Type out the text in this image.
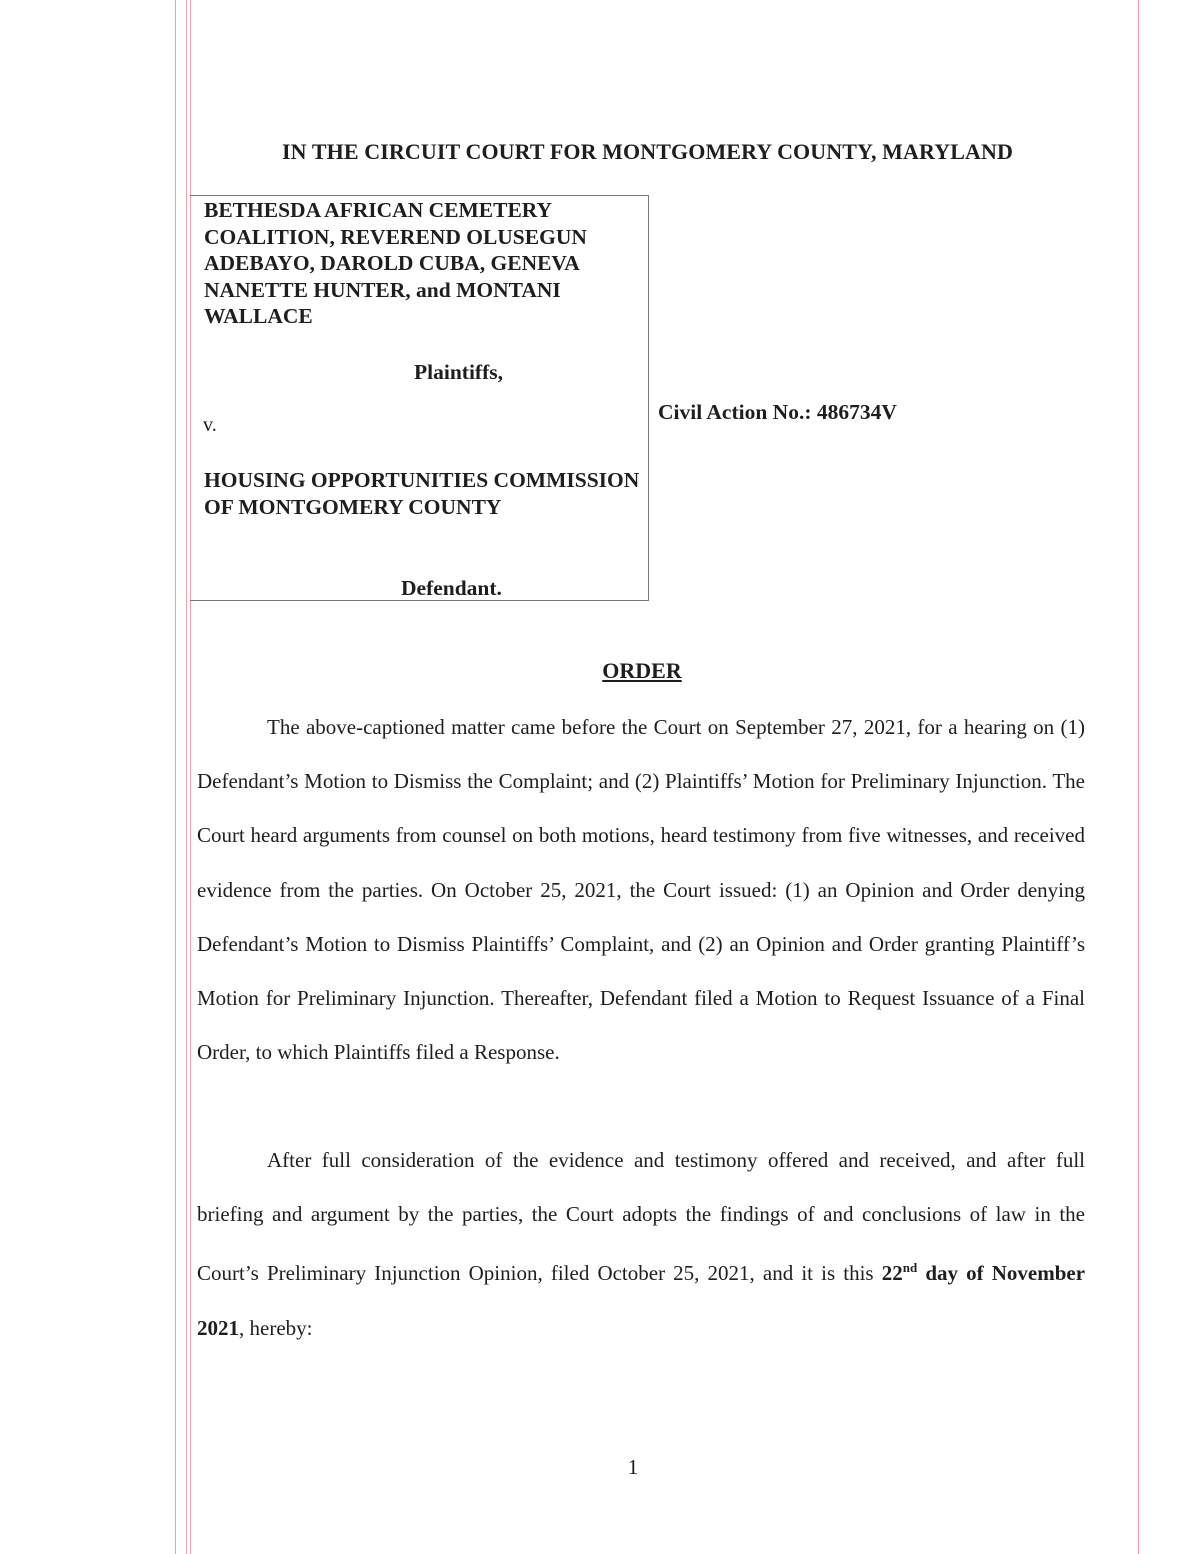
IN THE CIRCUIT COURT FOR MONTGOMERY COUNTY, MARYLAND

BETHESDA AFRICAN CEMETERY COALITION, REVEREND OLUSEGUN ADEBAYO, DAROLD CUBA, GENEVA NANETTE HUNTER, and MONTANI WALLACE

Plaintiffs,

v.

HOUSING OPPORTUNITIES COMMISSION OF MONTGOMERY COUNTY

Defendant.

Civil Action No.: 486734V

ORDER

The above-captioned matter came before the Court on September 27, 2021, for a hearing on (1) Defendant’s Motion to Dismiss the Complaint; and (2) Plaintiffs’ Motion for Preliminary Injunction. The Court heard arguments from counsel on both motions, heard testimony from five witnesses, and received evidence from the parties. On October 25, 2021, the Court issued: (1) an Opinion and Order denying Defendant’s Motion to Dismiss Plaintiffs’ Complaint, and (2) an Opinion and Order granting Plaintiff’s Motion for Preliminary Injunction. Thereafter, Defendant filed a Motion to Request Issuance of a Final Order, to which Plaintiffs filed a Response.

After full consideration of the evidence and testimony offered and received, and after full briefing and argument by the parties, the Court adopts the findings of and conclusions of law in the Court’s Preliminary Injunction Opinion, filed October 25, 2021, and it is this 22nd day of November 2021, hereby:

1
